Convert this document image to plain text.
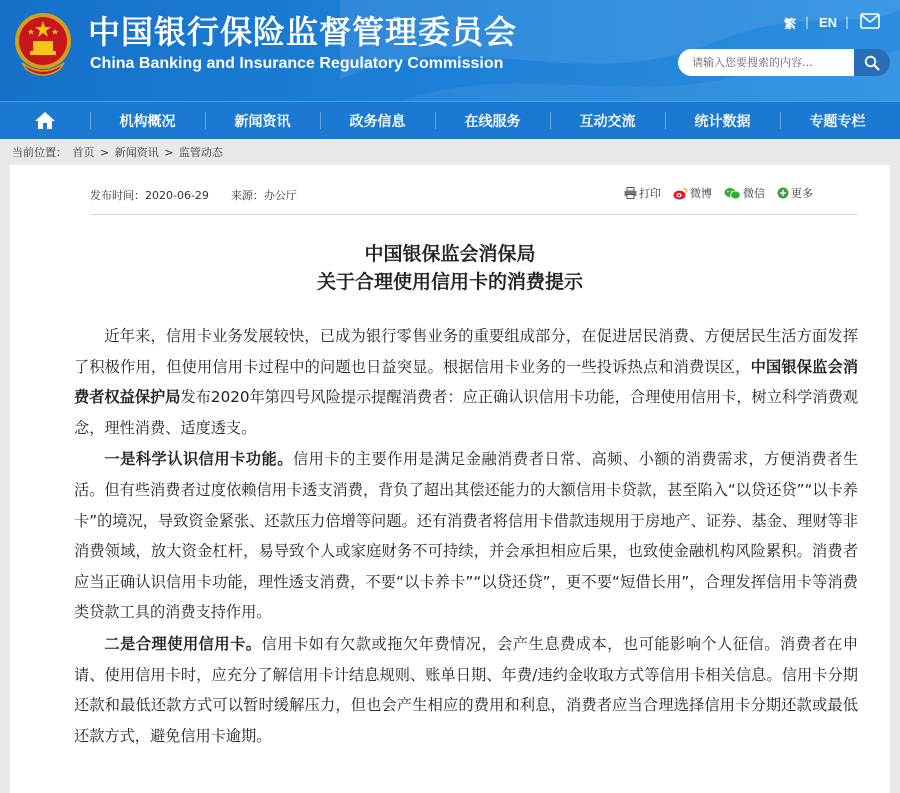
中国银行保险监督管理委员会
China Banking and Insurance Regulatory Commission
繁 | EN |
请输入您要搜索的内容...
机构概况	新闻资讯	政务信息	在线服务	互动交流	统计数据	专题专栏
当前位置： 首页 > 新闻资讯 > 监管动态
发布时间：2020-06-29 来源：办公厅	打印	微博	微信 更多
中国银保监会消保局
关于合理使用信用卡的消费提示

近年来，信用卡业务发展较快，已成为银行零售业务的重要组成部分，在促进居民消费、方便居民生活方面发挥了积极作用，但使用信用卡过程中的问题也日益突显。根据信用卡业务的一些投诉热点和消费误区，中国银保监会消费者权益保护局发布2020年第四号风险提示提醒消费者：应正确认识信用卡功能，合理使用信用卡，树立科学消费观念，理性消费、适度透支。

一是科学认识信用卡功能。信用卡的主要作用是满足金融消费者日常、高频、小额的消费需求，方便消费者生活。但有些消费者过度依赖信用卡透支消费，背负了超出其偿还能力的大额信用卡贷款，甚至陷入“以贷还贷”“以卡养卡”的境况，导致资金紧张、还款压力倍增等问题。还有消费者将信用卡借款违规用于房地产、证券、基金、理财等非消费领域，放大资金杠杆，易导致个人或家庭财务不可持续，并会承担相应后果，也致使金融机构风险累积。消费者应当正确认识信用卡功能，理性透支消费，不要“以卡养卡”“以贷还贷”，更不要“短借长用”，合理发挥信用卡等消费类贷款工具的消费支持作用。

二是合理使用信用卡。信用卡如有欠款或拖欠年费情况，会产生息费成本，也可能影响个人征信。消费者在申请、使用信用卡时，应充分了解信用卡计结息规则、账单日期、年费/违约金收取方式等信用卡相关信息。信用卡分期还款和最低还款方式可以暂时缓解压力，但也会产生相应的费用和利息，消费者应当合理选择信用卡分期还款或最低还款方式，避免信用卡逾期。
